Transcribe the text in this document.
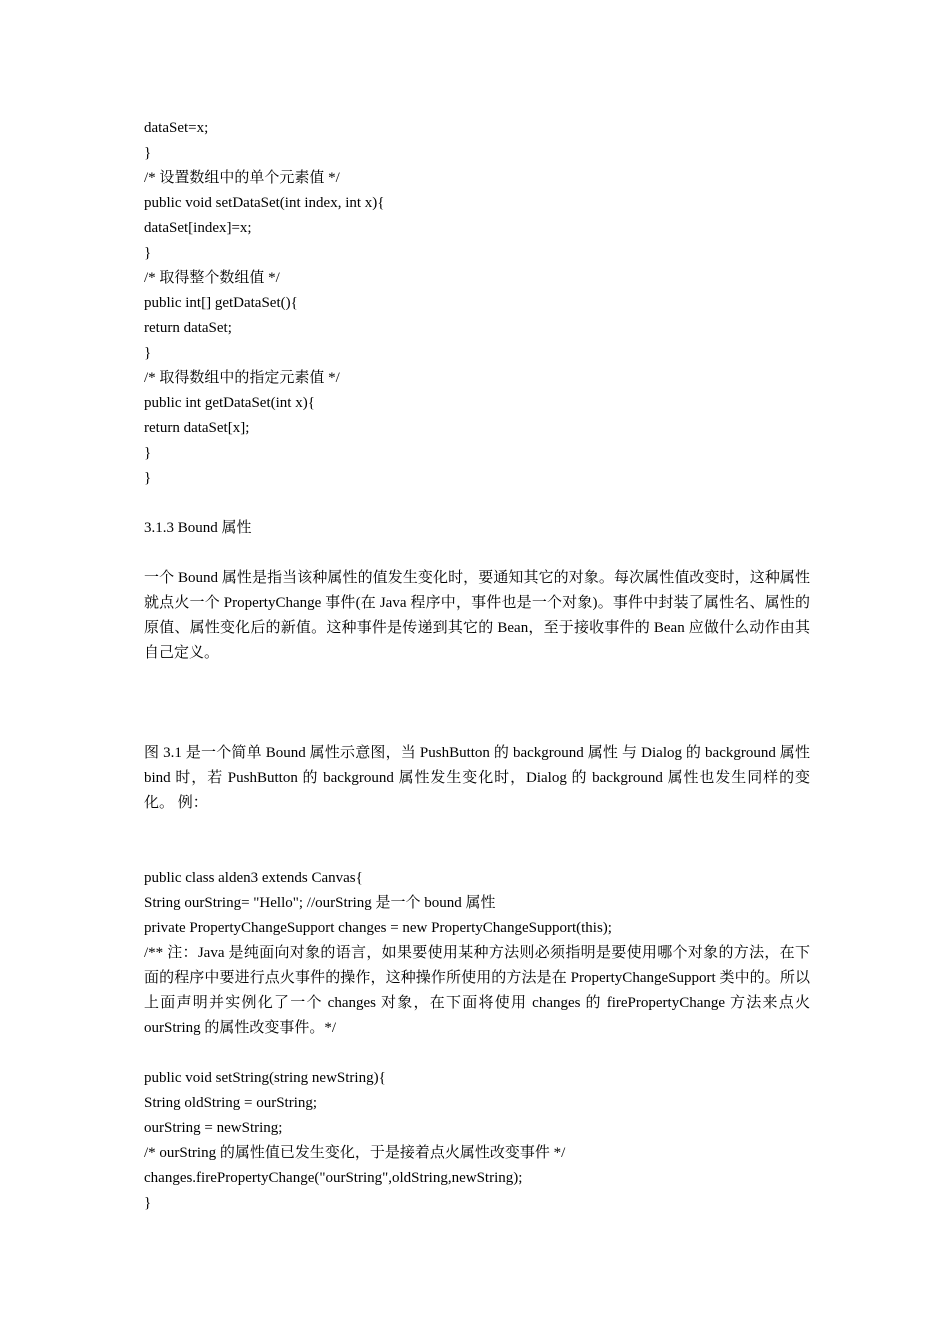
dataSet=x;
}
/* 设置数组中的单个元素值 */
public void setDataSet(int index, int x){
dataSet[index]=x;
}
/* 取得整个数组值 */
public int[] getDataSet(){
return dataSet;
}
/* 取得数组中的指定元素值 */
public int getDataSet(int x){
return dataSet[x];
}
}
3.1.3 Bound 属性

一个 Bound 属性是指当该种属性的值发生变化时，要通知其它的对象。每次属性值改变时，这种属性就点火一个 PropertyChange 事件(在 Java 程序中，事件也是一个对象)。事件中封装了属性名、属性的原值、属性变化后的新值。这种事件是传递到其它的 Bean，至于接收事件的 Bean 应做什么动作由其自己定义。

图 3.1 是一个简单 Bound 属性示意图，当 PushButton 的 background 属性 与 Dialog 的 background 属性 bind 时，若 PushButton 的 background 属性发生变化时，Dialog 的 background 属性也发生同样的变化。 例：

public class alden3 extends Canvas{
String ourString= "Hello"; //ourString 是一个 bound 属性
private PropertyChangeSupport changes = new PropertyChangeSupport(this);

/** 注：Java 是纯面向对象的语言，如果要使用某种方法则必须指明是要使用哪个对象的方法，在下面的程序中要进行点火事件的操作，这种操作所使用的方法是在 PropertyChangeSupport 类中的。所以上面声明并实例化了一个 changes 对象，在下面将使用 changes 的 firePropertyChange 方法来点火 ourString 的属性改变事件。*/

public void setString(string newString){
String oldString = ourString;
ourString = newString;
/* ourString 的属性值已发生变化，于是接着点火属性改变事件 */
changes.firePropertyChange("ourString",oldString,newString);
}
